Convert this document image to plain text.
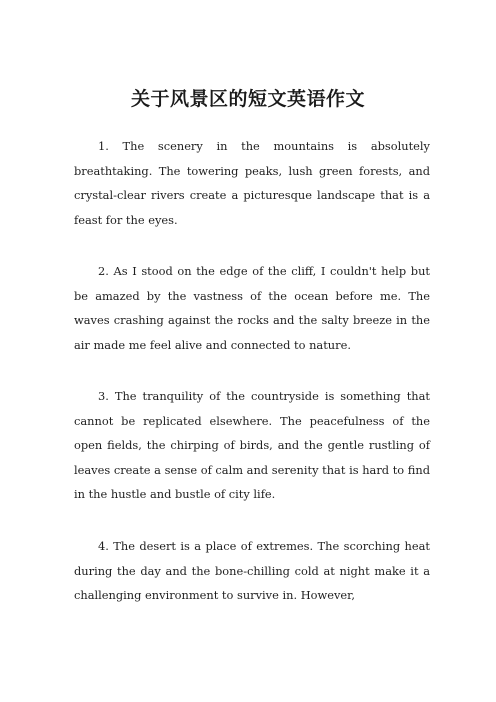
关于风景区的短文英语作文

1. The scenery in the mountains is absolutely breathtaking. The towering peaks, lush green forests, and crystal-clear rivers create a picturesque landscape that is a feast for the eyes.

2. As I stood on the edge of the cliff, I couldn't help but be amazed by the vastness of the ocean before me. The waves crashing against the rocks and the salty breeze in the air made me feel alive and connected to nature.

3. The tranquility of the countryside is something that cannot be replicated elsewhere. The peacefulness of the open fields, the chirping of birds, and the gentle rustling of leaves create a sense of calm and serenity that is hard to find in the hustle and bustle of city life.

4. The desert is a place of extremes. The scorching heat during the day and the bone-chilling cold at night make it a challenging environment to survive in. However,
